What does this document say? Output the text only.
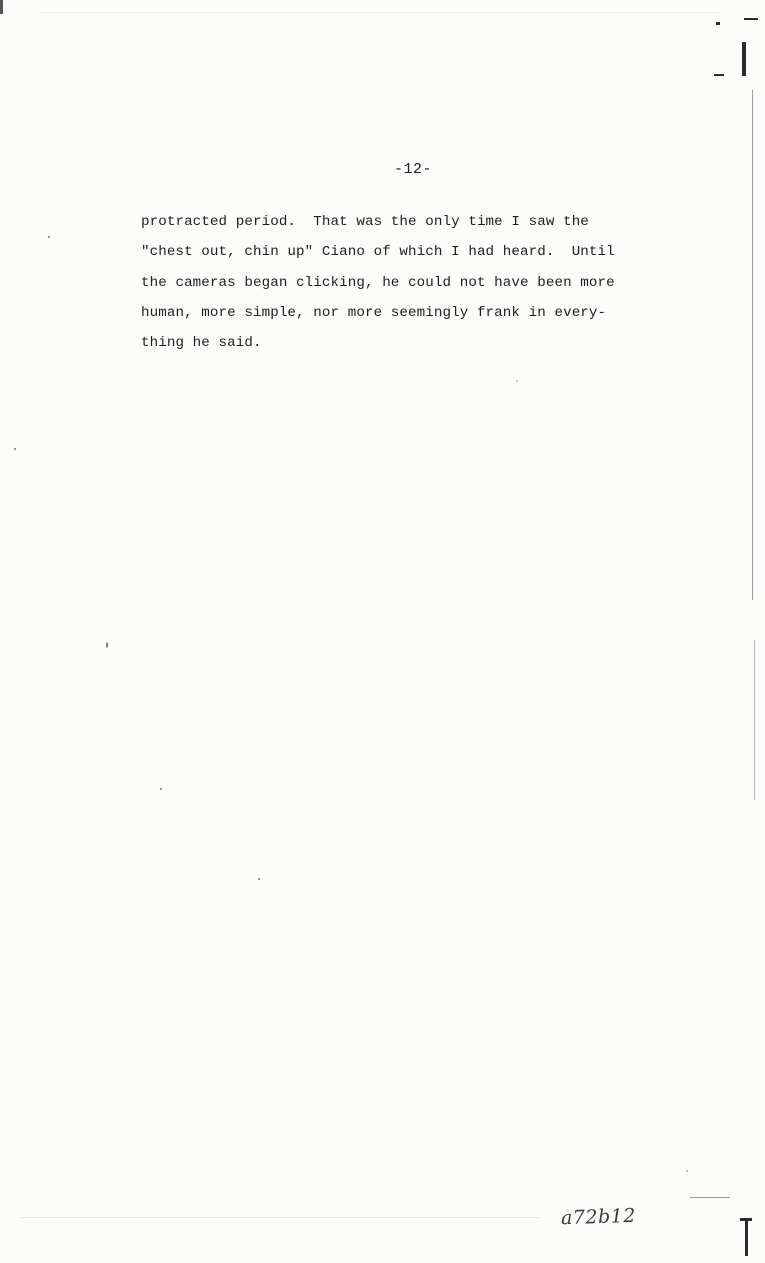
-12-

protracted period.  That was the only time I saw the
"chest out, chin up" Ciano of which I had heard.  Until
the cameras began clicking, he could not have been more
human, more simple, nor more seemingly frank in every-
thing he said.

a72b12
